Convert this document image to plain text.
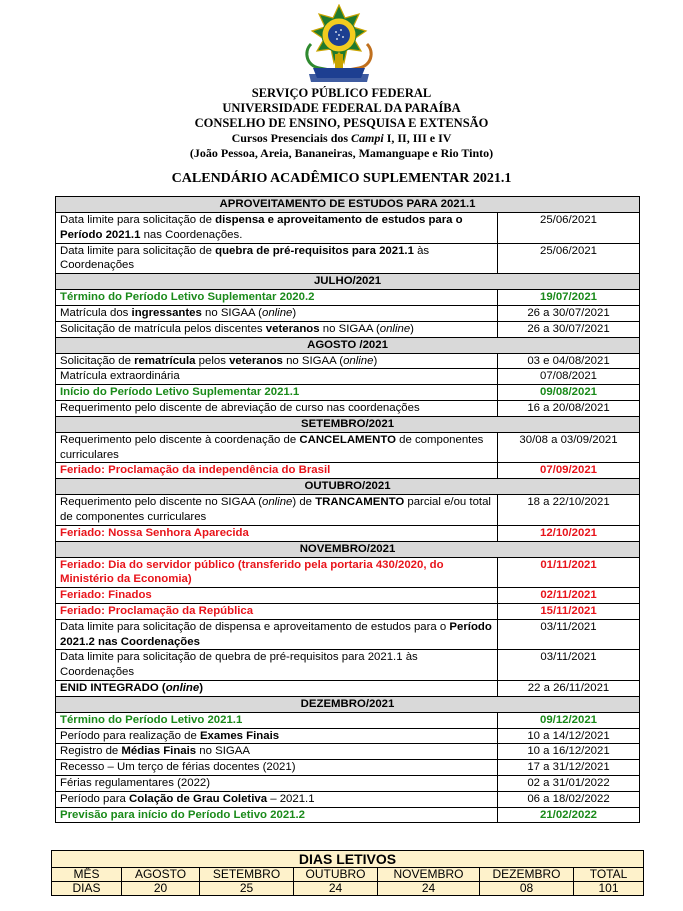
SERVIÇO PÚBLICO FEDERAL
UNIVERSIDADE FEDERAL DA PARAÍBA
CONSELHO DE ENSINO, PESQUISA E EXTENSÃO
Cursos Presenciais dos Campi I, II, III e IV
(João Pessoa, Areia, Bananeiras, Mamanguape e Rio Tinto)
CALENDÁRIO ACADÊMICO SUPLEMENTAR 2021.1
APROVEITAMENTO DE ESTUDOS PARA 2021.1	
Data limite para solicitação de dispensa e aproveitamento de estudos para o Período 2021.1 nas Coordenações.	25/06/2021
Data limite para solicitação de quebra de pré-requisitos para 2021.1 às Coordenações	25/06/2021
JULHO/2021	
Término do Período Letivo Suplementar 2020.2	19/07/2021
Matrícula dos ingressantes no SIGAA (online)	26 a 30/07/2021
Solicitação de matrícula pelos discentes veteranos no SIGAA (online)	26 a 30/07/2021
AGOSTO /2021	
Solicitação de rematrícula pelos veteranos no SIGAA (online)	03 e 04/08/2021
Matrícula extraordinária	07/08/2021
Início do Período Letivo Suplementar 2021.1	09/08/2021
Requerimento pelo discente de abreviação de curso nas coordenações	16 a 20/08/2021
SETEMBRO/2021	
Requerimento pelo discente à coordenação de CANCELAMENTO de componentes curriculares	30/08 a 03/09/2021
Feriado: Proclamação da independência do Brasil	07/09/2021
OUTUBRO/2021	
Requerimento pelo discente no SIGAA (online) de TRANCAMENTO parcial e/ou total de componentes curriculares	18 a 22/10/2021
Feriado: Nossa Senhora Aparecida	12/10/2021
NOVEMBRO/2021	
Feriado: Dia do servidor público (transferido pela portaria 430/2020, do Ministério da Economia)	01/11/2021
Feriado: Finados	02/11/2021
Feriado: Proclamação da República	15/11/2021
Data limite para solicitação de dispensa e aproveitamento de estudos para o Período 2021.2 nas Coordenações	03/11/2021
Data limite para solicitação de quebra de pré-requisitos para 2021.1 às Coordenações	03/11/2021
ENID INTEGRADO (online)	22 a 26/11/2021
DEZEMBRO/2021	
Término do Período Letivo 2021.1	09/12/2021
Período para realização de Exames Finais	10 a 14/12/2021
Registro de Médias Finais no SIGAA	10 a 16/12/2021
Recesso – Um terço de férias docentes (2021)	17 a 31/12/2021
Férias regulamentares (2022)	02 a 31/01/2022
Período para Colação de Grau Coletiva – 2021.1	06 a 18/02/2022
Previsão para início do Período Letivo 2021.2	21/02/2022
DIAS LETIVOS						
MÊS	AGOSTO	SETEMBRO	OUTUBRO	NOVEMBRO	DEZEMBRO	TOTAL
DIAS	20	25	24	24	08	101
